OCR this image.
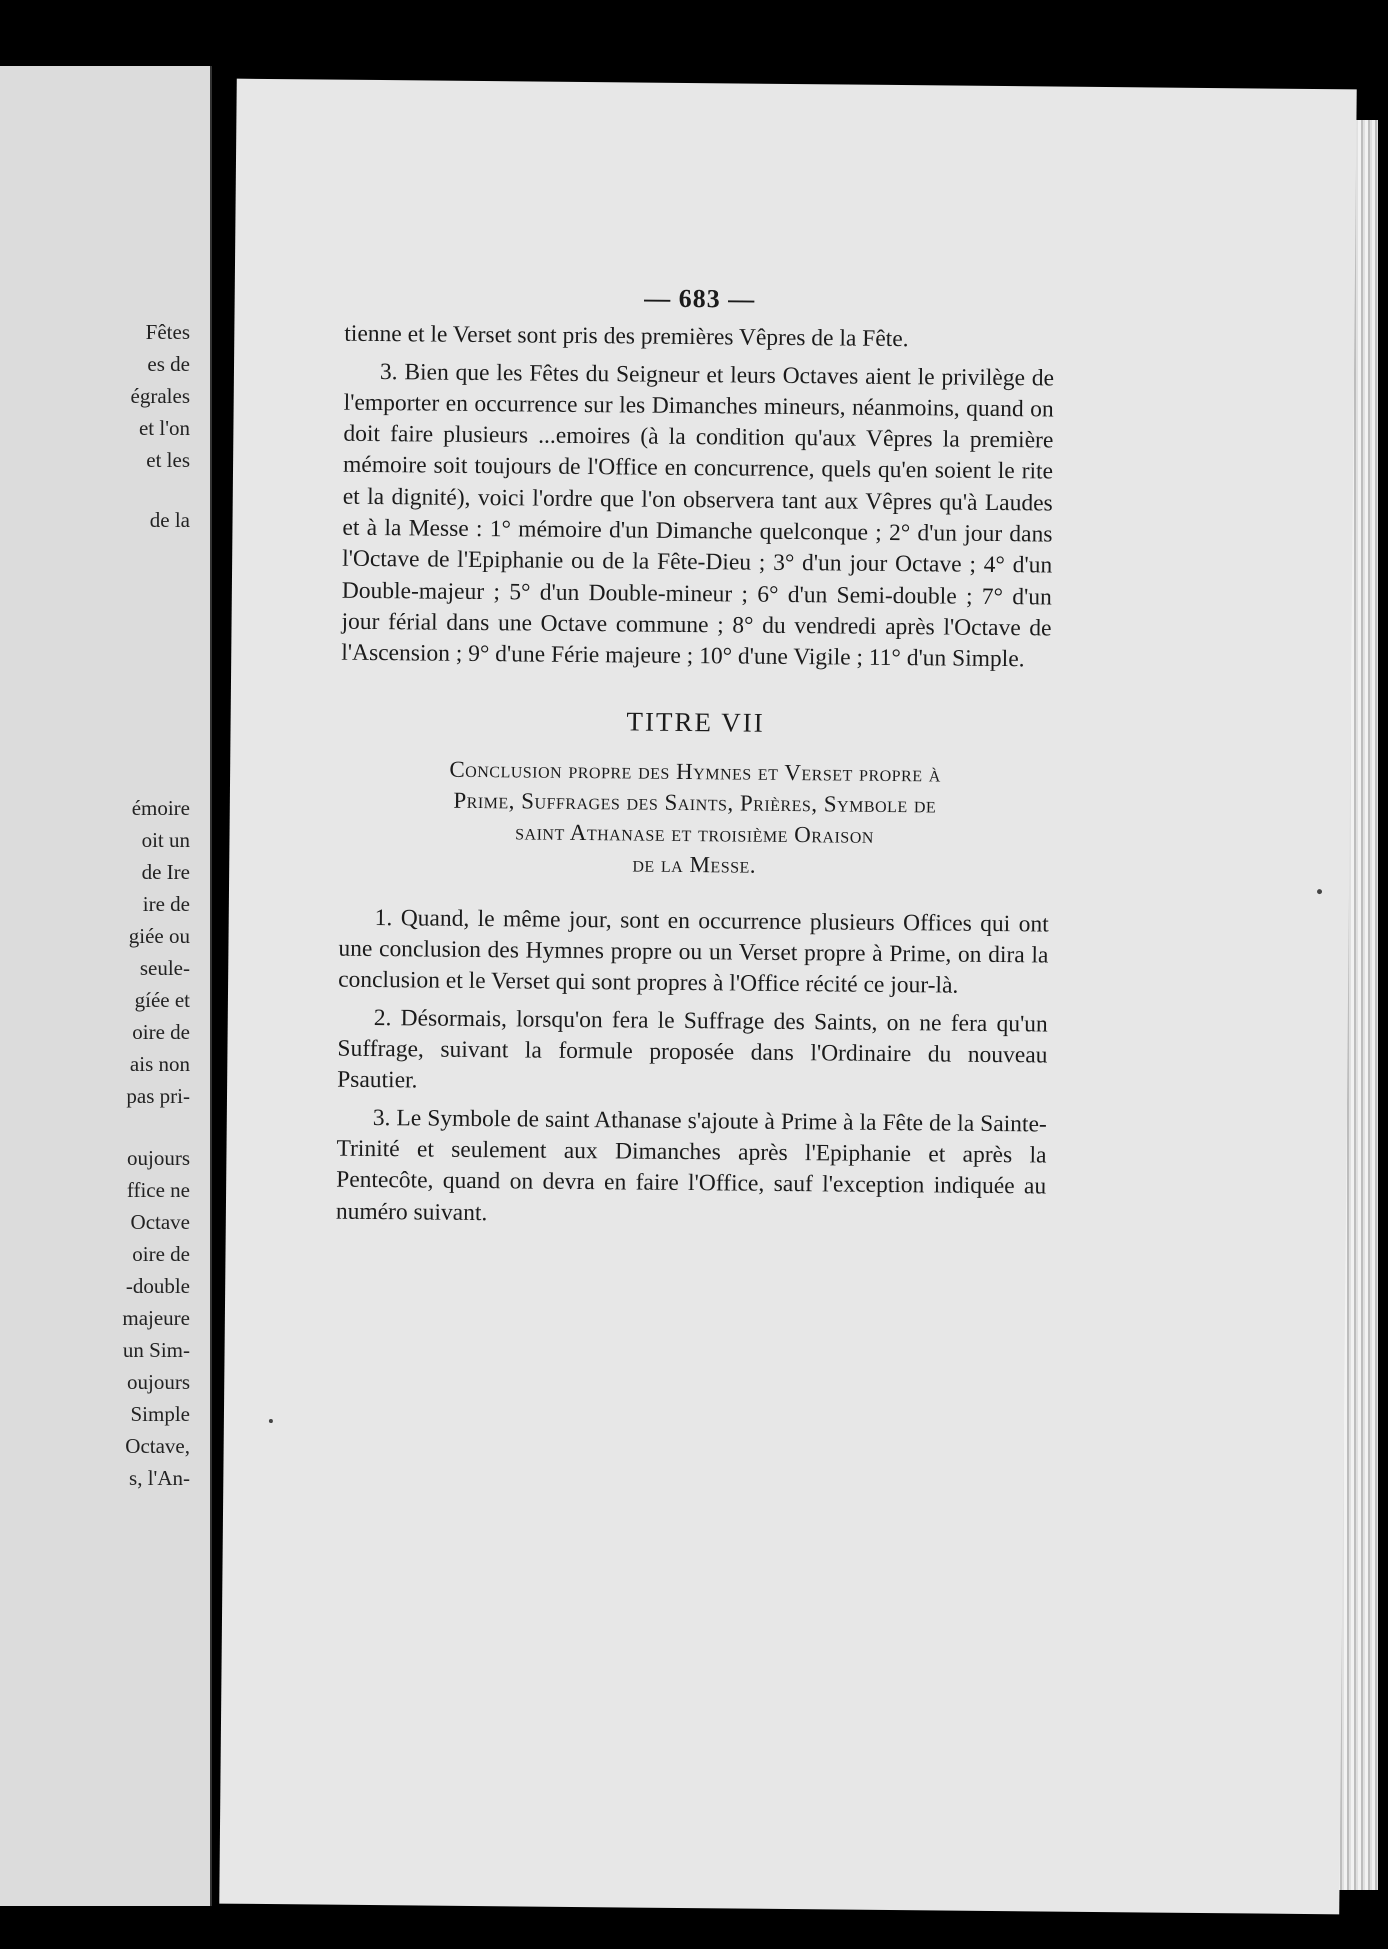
Fêtes
es de
égrales
et l'on
et les
de la
émoire
oit un
de Ire
ire de
giée ou
seule-
gíée et
oire de
ais non
pas pri-
oujours
ffice ne
Octave
oire de
-double
majeure
un Sim-
oujours
Simple
Octave,
s, l'An-
— 683 —

tienne et le Verset sont pris des premières Vêpres de la Fête.

3. Bien que les Fêtes du Seigneur et leurs Octaves aient le privilège de l'emporter en occurrence sur les Dimanches mineurs, néanmoins, quand on doit faire plusieurs ...emoires (à la condition qu'aux Vêpres la première mémoire soit toujours de l'Office en concurrence, quels qu'en soient le rite et la dignité), voici l'ordre que l'on observera tant aux Vêpres qu'à Laudes et à la Messe : 1° mémoire d'un Dimanche quelconque ; 2° d'un jour dans l'Octave de l'Epiphanie ou de la Fête-Dieu ; 3° d'un jour Octave ; 4° d'un Double-majeur ; 5° d'un Double-mineur ; 6° d'un Semi-double ; 7° d'un jour férial dans une Octave commune ; 8° du vendredi après l'Octave de l'Ascension ; 9° d'une Férie majeure ; 10° d'une Vigile ; 11° d'un Simple.

TITRE VII
Conclusion propre des Hymnes et Verset propre à
Prime, Suffrages des Saints, Prières, Symbole de
saint Athanase et troisième Oraison
de la Messe.

1. Quand, le même jour, sont en occurrence plusieurs Offices qui ont une conclusion des Hymnes propre ou un Verset propre à Prime, on dira la conclusion et le Verset qui sont propres à l'Office récité ce jour-là.

2. Désormais, lorsqu'on fera le Suffrage des Saints, on ne fera qu'un Suffrage, suivant la formule proposée dans l'Ordinaire du nouveau Psautier.

3. Le Symbole de saint Athanase s'ajoute à Prime à la Fête de la Sainte-Trinité et seulement aux Dimanches après l'Epiphanie et après la Pentecôte, quand on devra en faire l'Office, sauf l'exception indiquée au numéro suivant.
